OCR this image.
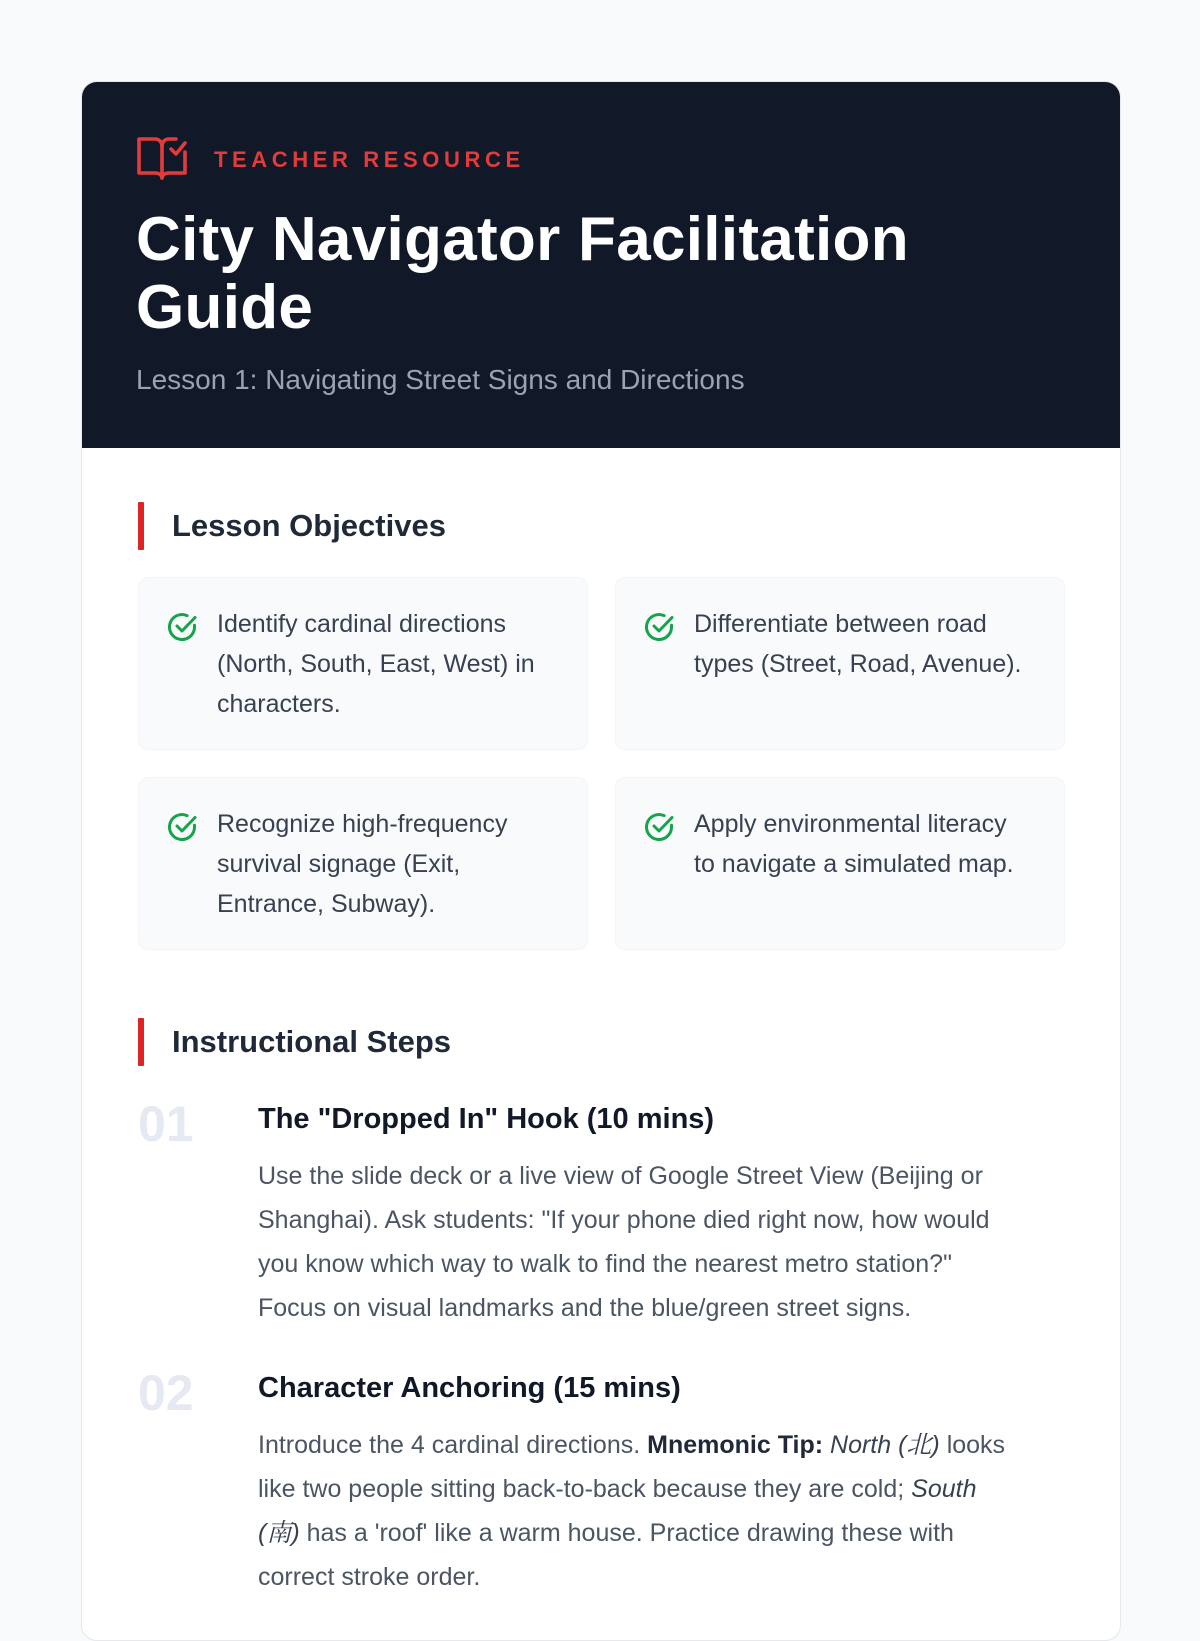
TEACHER RESOURCE
City Navigator Facilitation
Guide
Lesson 1: Navigating Street Signs and Directions
Lesson Objectives
Identify cardinal directions
(North, South, East, West) in
characters.
Differentiate between road
types (Street, Road, Avenue).
Recognize high-frequency
survival signage (Exit,
Entrance, Subway).
Apply environmental literacy
to navigate a simulated map.
Instructional Steps
01 The "Dropped In" Hook (10 mins)

Use the slide deck or a live view of Google Street View (Beijing or
Shanghai). Ask students: "If your phone died right now, how would
you know which way to walk to find the nearest metro station?"
Focus on visual landmarks and the blue/green street signs.

02 Character Anchoring (15 mins)

Introduce the 4 cardinal directions. Mnemonic Tip: North (北) looks
like two people sitting back-to-back because they are cold; South
(南) has a 'roof' like a warm house. Practice drawing these with
correct stroke order.
